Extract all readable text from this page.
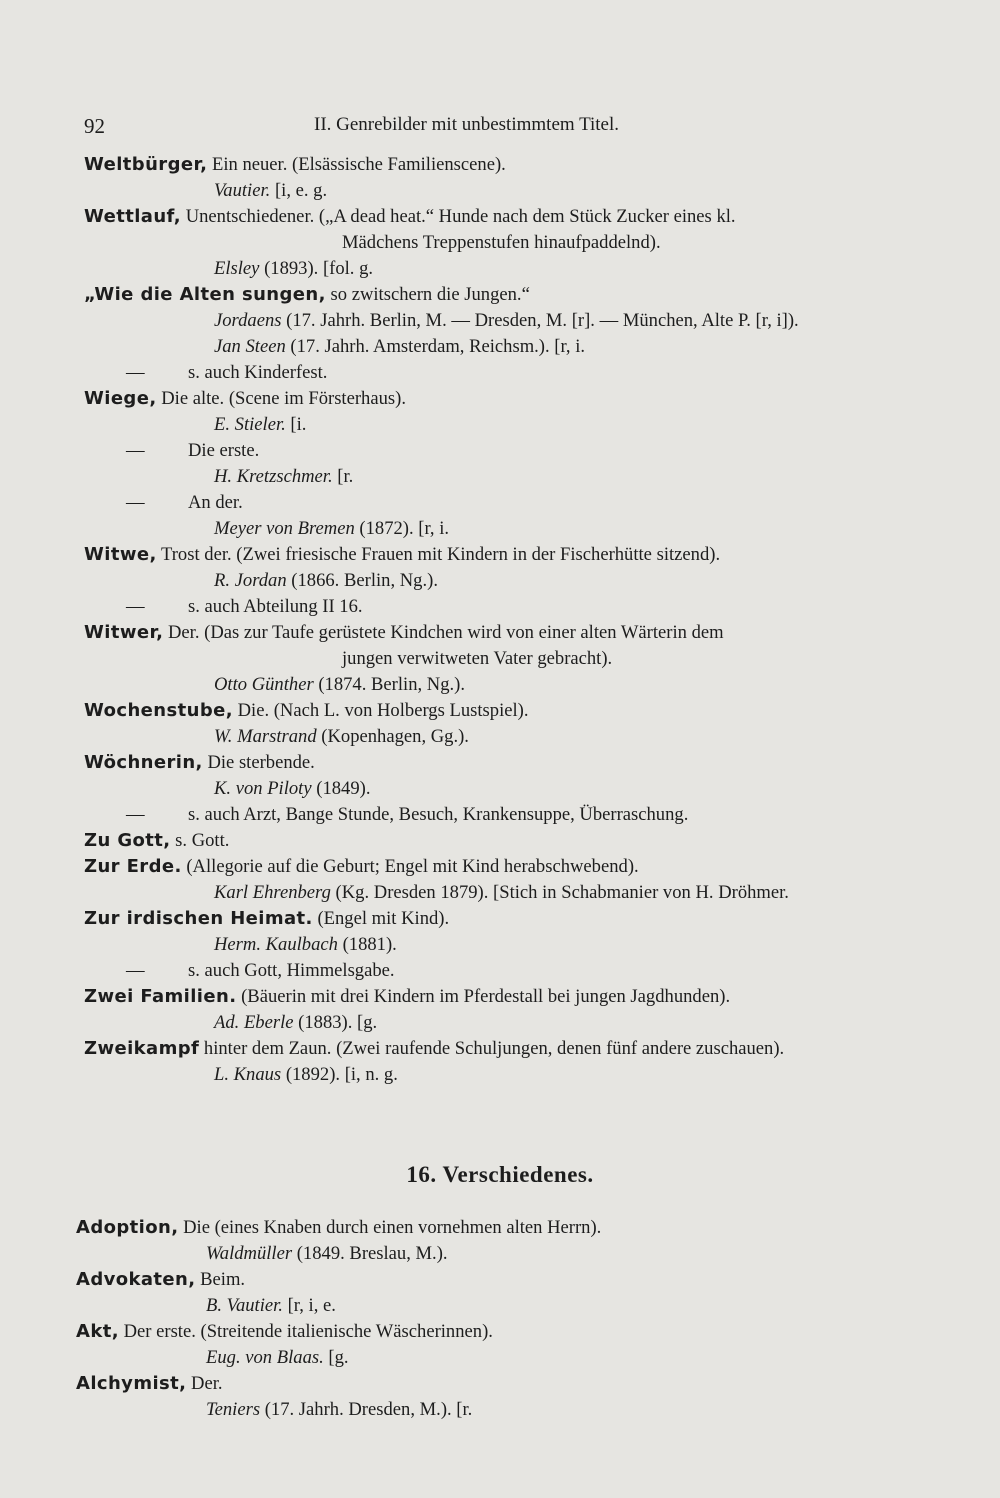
92	II. Genrebilder mit unbestimmtem Titel.
Weltbürger, Ein neuer. (Elsässische Familienscene).
Vautier. [i, e. g.
Wettlauf, Unentschiedener. („A dead heat.“ Hunde nach dem Stück Zucker eines kl.
Mädchens Treppenstufen hinaufpaddelnd).
Elsley (1893). [fol. g.
„Wie die Alten sungen, so zwitschern die Jungen.“
Jordaens (17. Jahrh. Berlin, M. — Dresden, M. [r]. — München, Alte P. [r, i]).
Jan Steen (17. Jahrh. Amsterdam, Reichsm.). [r, i.
— s. auch Kinderfest.
Wiege, Die alte. (Scene im Försterhaus).
E. Stieler. [i.
— Die erste.
H. Kretzschmer. [r.
— An der.
Meyer von Bremen (1872). [r, i.
Witwe, Trost der. (Zwei friesische Frauen mit Kindern in der Fischerhütte sitzend).
R. Jordan (1866. Berlin, Ng.).
— s. auch Abteilung II 16.
Witwer, Der. (Das zur Taufe gerüstete Kindchen wird von einer alten Wärterin dem
jungen verwitweten Vater gebracht).
Otto Günther (1874. Berlin, Ng.).
Wochenstube, Die. (Nach L. von Holbergs Lustspiel).
W. Marstrand (Kopenhagen, Gg.).
Wöchnerin, Die sterbende.
K. von Piloty (1849).
— s. auch Arzt, Bange Stunde, Besuch, Krankensuppe, Überraschung.
Zu Gott, s. Gott.
Zur Erde. (Allegorie auf die Geburt; Engel mit Kind herabschwebend).
Karl Ehrenberg (Kg. Dresden 1879). [Stich in Schabmanier von H. Dröhmer.
Zur irdischen Heimat. (Engel mit Kind).
Herm. Kaulbach (1881).
— s. auch Gott, Himmelsgabe.
Zwei Familien. (Bäuerin mit drei Kindern im Pferdestall bei jungen Jagdhunden).
Ad. Eberle (1883). [g.
Zweikampf hinter dem Zaun. (Zwei raufende Schuljungen, denen fünf andere zuschauen).
L. Knaus (1892). [i, n. g.
16. Verschiedenes.
Adoption, Die (eines Knaben durch einen vornehmen alten Herrn).
Waldmüller (1849. Breslau, M.).
Advokaten, Beim.
B. Vautier. [r, i, e.
Akt, Der erste. (Streitende italienische Wäscherinnen).
Eug. von Blaas. [g.
Alchymist, Der.
Teniers (17. Jahrh. Dresden, M.). [r.
